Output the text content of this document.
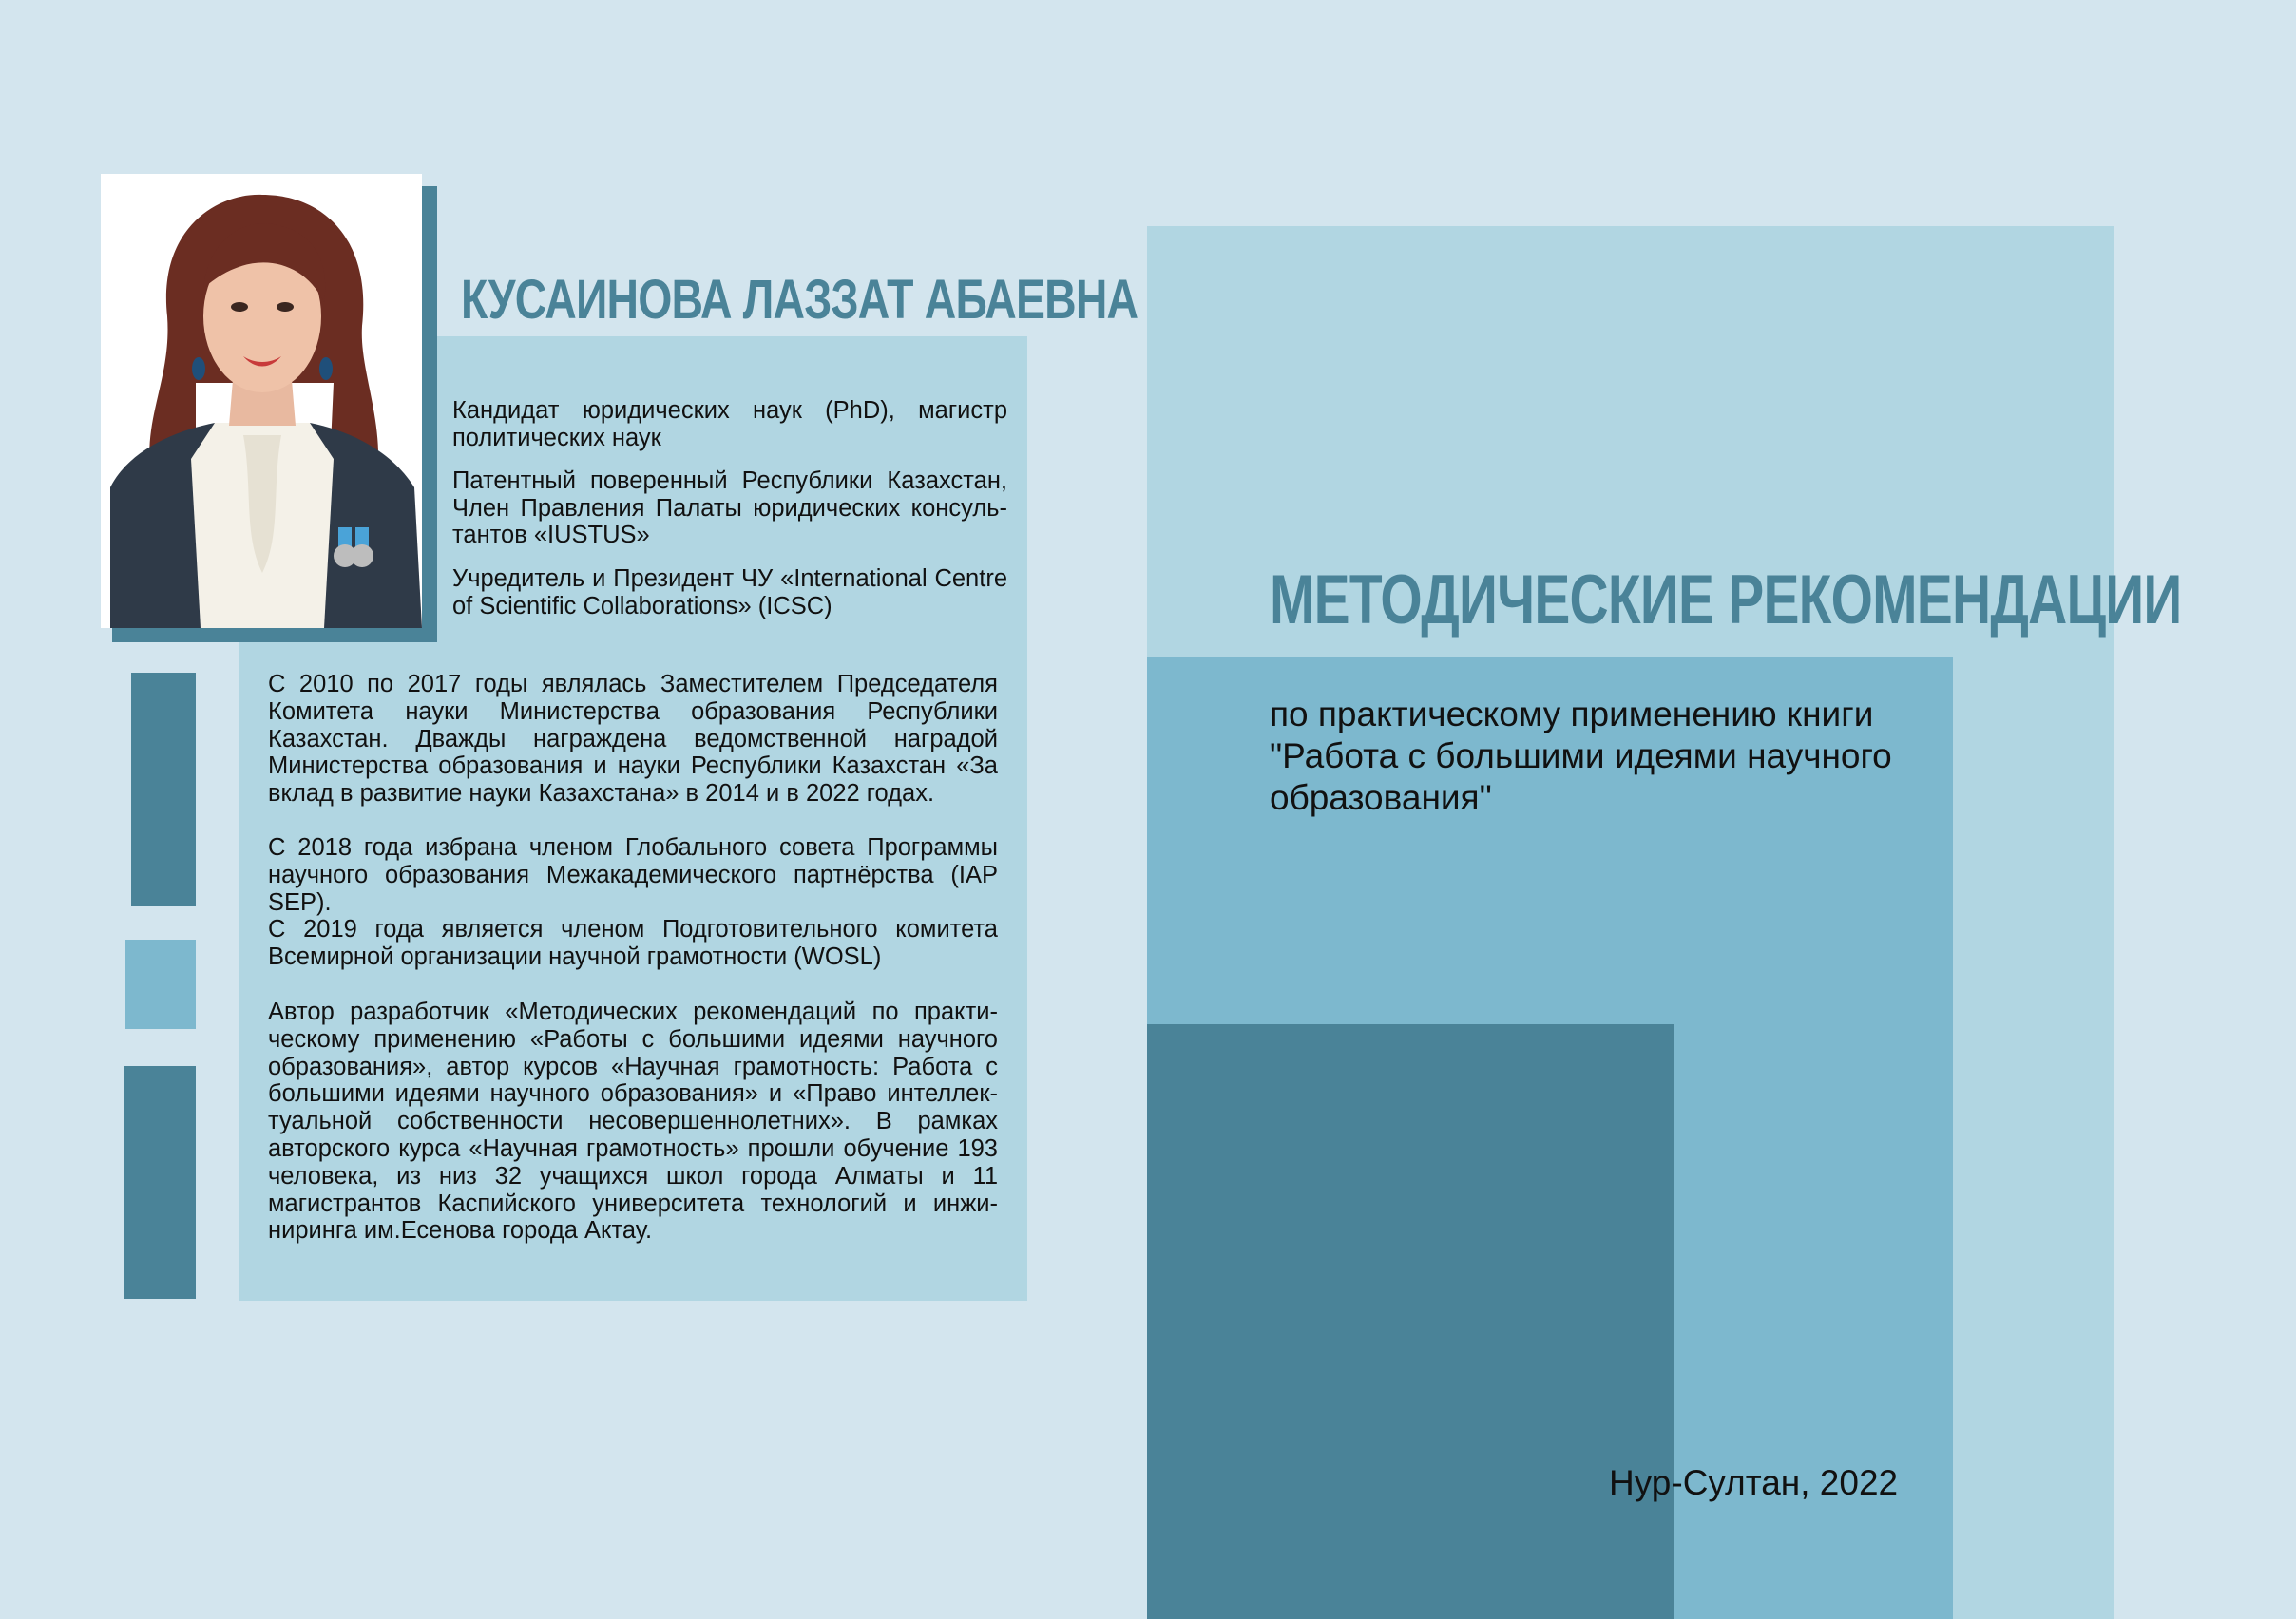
КУСАИНОВА ЛАЗЗАТ АБАЕВНА
Кандидат юридических наук (PhD), магистр политических наук
Патентный поверенный Республики Казахстан, Член Правления Палаты юридических консуль-тантов «IUSTUS»
Учредитель и Президент ЧУ «International Centre of Scientific Collaborations» (ICSC)
С 2010 по 2017 годы являлась Заместителем Председателя Комитета науки Министерства образования Республики Казахстан. Дважды награждена ведомственной наградой Министерства образования и науки Республики Казахстан «За вклад в развитие науки Казахстана» в 2014 и в 2022 годах.
С 2018 года избрана членом Глобального совета Программы научного образования Межакадемического партнёрства (IAP SEP).
С 2019 года является членом Подготовительного комитета Всемирной организации научной грамотности (WOSL)
Автор разработчик «Методических рекомендаций по практи-ческому применению «Работы с большими идеями научного образования», автор курсов «Научная грамотность: Работа с большими идеями научного образования» и «Право интеллек-туальной собственности несовершеннолетних». В рамках авторского курса «Научная грамотность» прошли обучение 193 человека, из низ 32 учащихся школ города Алматы и 11 магистрантов Каспийского университета технологий и инжи-ниринга им.Есенова города Актау.
МЕТОДИЧЕСКИЕ РЕКОМЕНДАЦИИ
по практическому применению книги "Работа с большими идеями научного образования"
Нур-Султан, 2022
